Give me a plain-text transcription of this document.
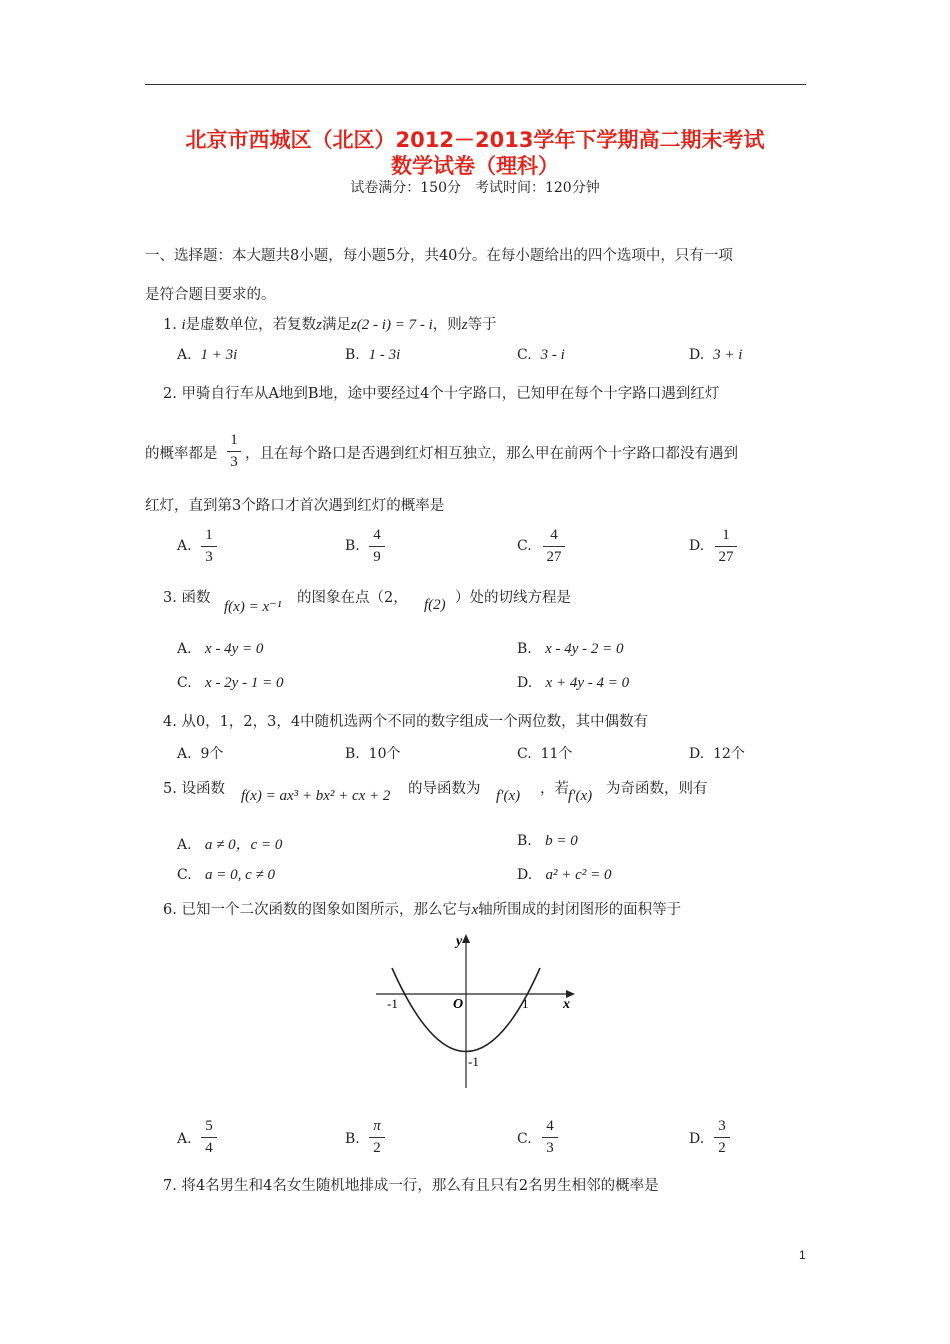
北京市西城区（北区）2012－2013学年下学期高二期末考试
数学试卷（理科）
试卷满分：150分　考试时间：120分钟
一、选择题：本大题共8小题，每小题5分，共40分。在每小题给出的四个选项中，只有一项
是符合题目要求的。
1. i是虚数单位，若复数z满足z(2 - i) = 7 - i，则z等于
A. 1 + 3i	B. 1 - 3i	C. 3 - i	D. 3 + i
2. 甲骑自行车从A地到B地，途中要经过4个十字路口，已知甲在每个十字路口遇到红灯
的概率都是
1
3 ，且在每个路口是否遇到红灯相互独立，那么甲在前两个十字路口都没有遇到
红灯，直到第3个路口才首次遇到红灯的概率是
A.
1
3
B.
4
9
C.
4
27
D.
1
27
3. 函数
f(x) = x⁻¹
的图象在点（2， f(2) ）处的切线方程是
A. x - 4y = 0	B. x - 4y - 2 = 0
C. x - 2y - 1 = 0	D. x + 4y - 4 = 0
4. 从0，1，2，3，4中随机选两个不同的数字组成一个两位数，其中偶数有
A. 9个	B. 10个	C. 11个	D. 12个
5. 设函数 f(x) = ax³ + bx² + cx + 2 的导函数为 f′(x) ，若 f′(x) 为奇函数，则有
A. a ≠ 0，c = 0	B. b = 0
C. a = 0, c ≠ 0	D. a² + c² = 0
6. 已知一个二次函数的图象如图所示，那么它与x轴所围成的封闭图形的面积等于
y
x
O
-1	1
-1
A.
5
4
B.
π
2
C.
4
3
D.
3
2
7. 将4名男生和4名女生随机地排成一行，那么有且只有2名男生相邻的概率是
1
